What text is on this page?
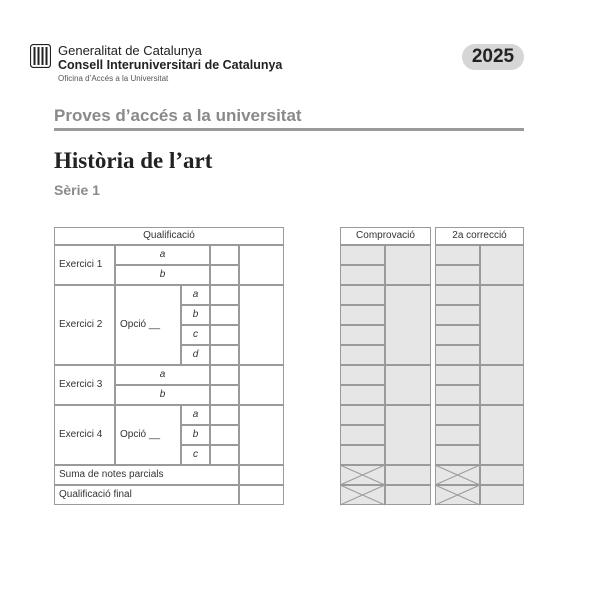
Generalitat de Catalunya
Consell Interuniversitari de Catalunya
Oficina d’Accés a la Universitat
2025
Proves d’accés a la universitat
Història de l’art
Sèrie 1
Qualificació
Exercici 1
a
b
Exercici 2 Opció __
a
b
c
d
Exercici 3
a
b
Exercici 4 Opció __
a
b
c
Suma de notes parcials
Qualificació final
Comprovació	2a correcció
